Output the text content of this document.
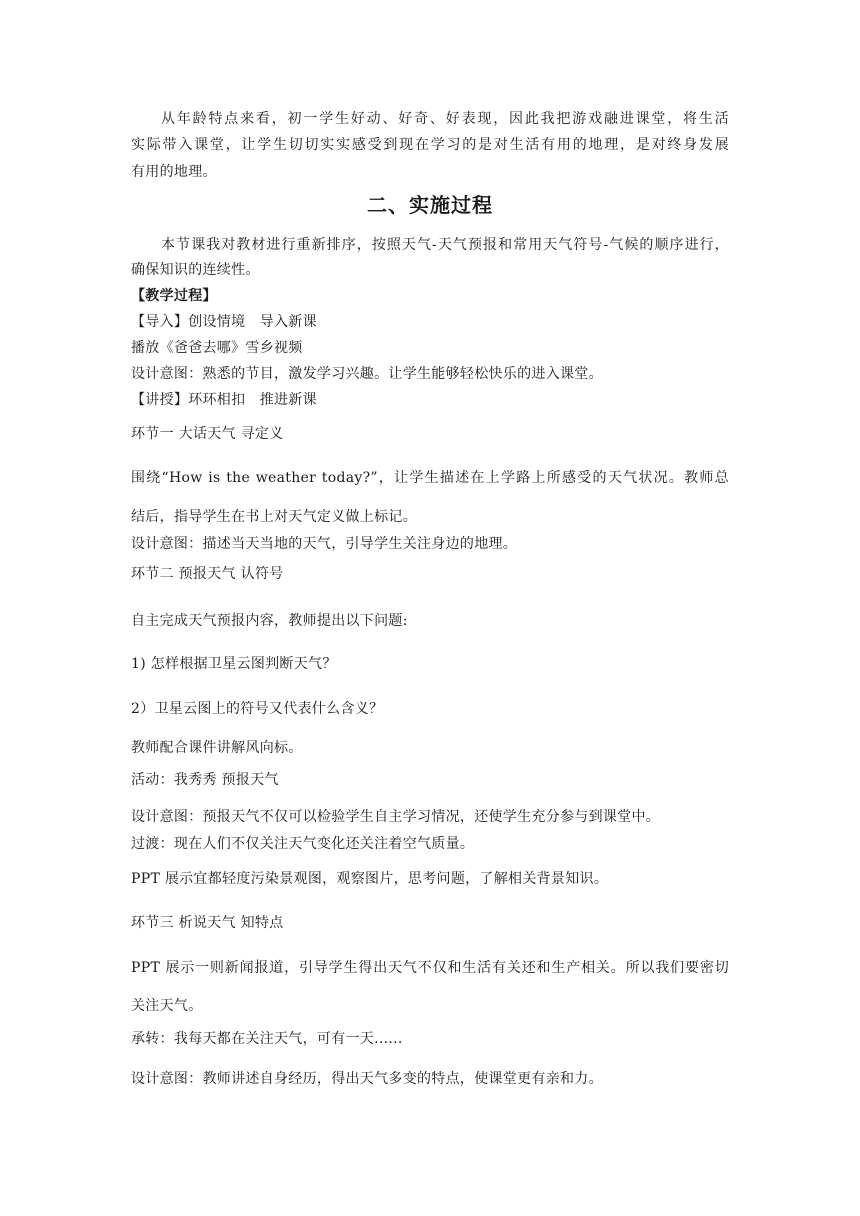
从年龄特点来看，初一学生好动、好奇、好表现，因此我把游戏融进课堂，将生活
实际带入课堂，让学生切切实实感受到现在学习的是对生活有用的地理，是对终身发展
有用的地理。
二、实施过程
本节课我对教材进行重新排序，按照天气-天气预报和常用天气符号-气候的顺序进行，
确保知识的连续性。
【教学过程】
【导入】创设情境　导入新课
播放《爸爸去哪》雪乡视频
设计意图：熟悉的节目，激发学习兴趣。让学生能够轻松快乐的进入课堂。
【讲授】环环相扣　推进新课
环节一 大话天气 寻定义
围绕“How is the weather today?”，让学生描述在上学路上所感受的天气状况。教师总
结后，指导学生在书上对天气定义做上标记。
设计意图：描述当天当地的天气，引导学生关注身边的地理。
环节二 预报天气 认符号
自主完成天气预报内容，教师提出以下问题:
1) 怎样根据卫星云图判断天气？
2）卫星云图上的符号又代表什么含义？
教师配合课件讲解风向标。
活动：我秀秀 预报天气
设计意图：预报天气不仅可以检验学生自主学习情况，还使学生充分参与到课堂中。
过渡：现在人们不仅关注天气变化还关注着空气质量。
PPT 展示宜都轻度污染景观图，观察图片，思考问题，了解相关背景知识。
环节三 析说天气 知特点
PPT 展示一则新闻报道，引导学生得出天气不仅和生活有关还和生产相关。所以我们要密切
关注天气。
承转：我每天都在关注天气，可有一天......
设计意图：教师讲述自身经历，得出天气多变的特点，使课堂更有亲和力。
